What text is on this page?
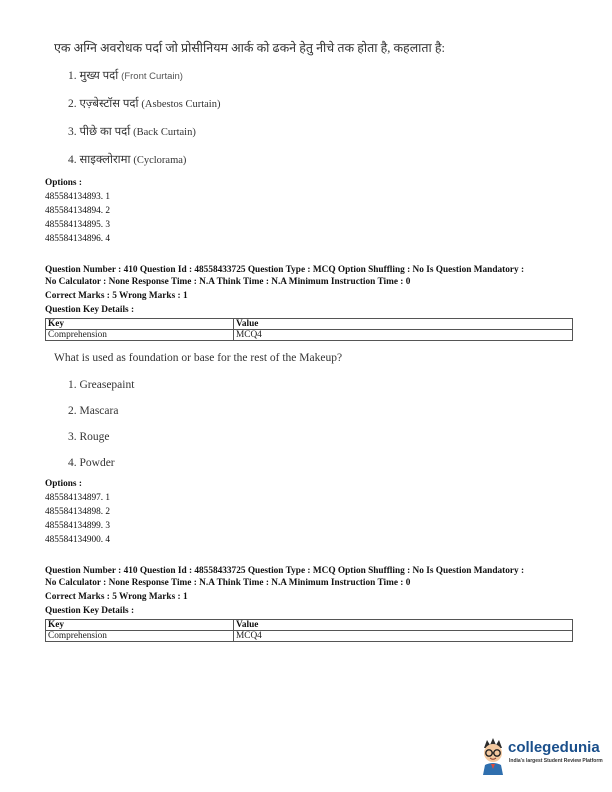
एक अग्नि अवरोधक पर्दा जो प्रोसीनियम आर्क को ढकने हेतु नीचे तक होता है, कहलाता है:
1. मुख्य पर्दा (Front Curtain)
2. एज़्बेस्टॉस पर्दा (Asbestos Curtain)
3. पीछे का पर्दा (Back Curtain)
4. साइक्लोरामा (Cyclorama)
Options :
485584134893. 1
485584134894. 2
485584134895. 3
485584134896. 4
Question Number : 410 Question Id : 48558433725 Question Type : MCQ Option Shuffling : No Is Question Mandatory :
No Calculator : None Response Time : N.A Think Time : N.A Minimum Instruction Time : 0
Correct Marks : 5 Wrong Marks : 1
Question Key Details :
Key	Value
Comprehension	MCQ4
What is used as foundation or base for the rest of the Makeup?
1. Greasepaint
2. Mascara
3. Rouge
4. Powder
Options :
485584134897. 1
485584134898. 2
485584134899. 3
485584134900. 4
Question Number : 410 Question Id : 48558433725 Question Type : MCQ Option Shuffling : No Is Question Mandatory :
No Calculator : None Response Time : N.A Think Time : N.A Minimum Instruction Time : 0
Correct Marks : 5 Wrong Marks : 1
Question Key Details :
Key	Value
Comprehension	MCQ4
collegedunia
India's largest Student Review Platform
